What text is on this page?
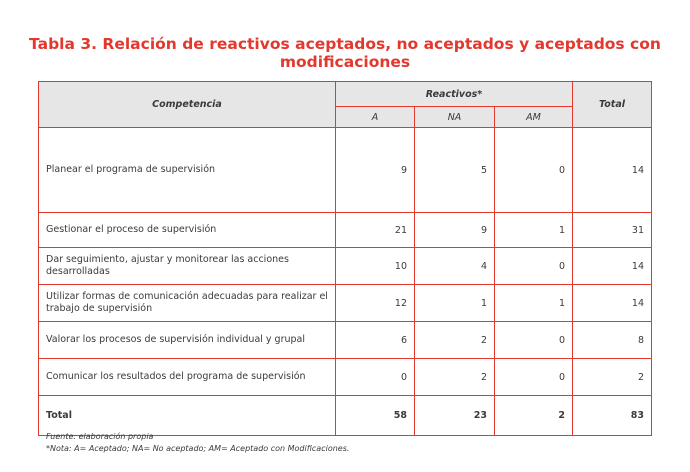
Tabla 3. Relación de reactivos aceptados, no aceptados y aceptados con
modificaciones
Competencia	Reactivos*			Total
	A	NA	AM	
Planear el programa de supervisión	9	5	0	14
Gestionar el proceso de supervisión	21	9	1	31
Dar seguimiento, ajustar y monitorear las acciones desarrolladas	10	4	0	14
Utilizar formas de comunicación adecuadas para realizar el trabajo de supervisión	12	1	1	14
Valorar los procesos de supervisión individual y grupal	6	2	0	8
Comunicar los resultados del programa de supervisión	0	2	0	2
Total	58	23	2	83
Fuente: elaboración propia
*Nota: A= Aceptado; NA= No aceptado; AM= Aceptado con Modificaciones.
